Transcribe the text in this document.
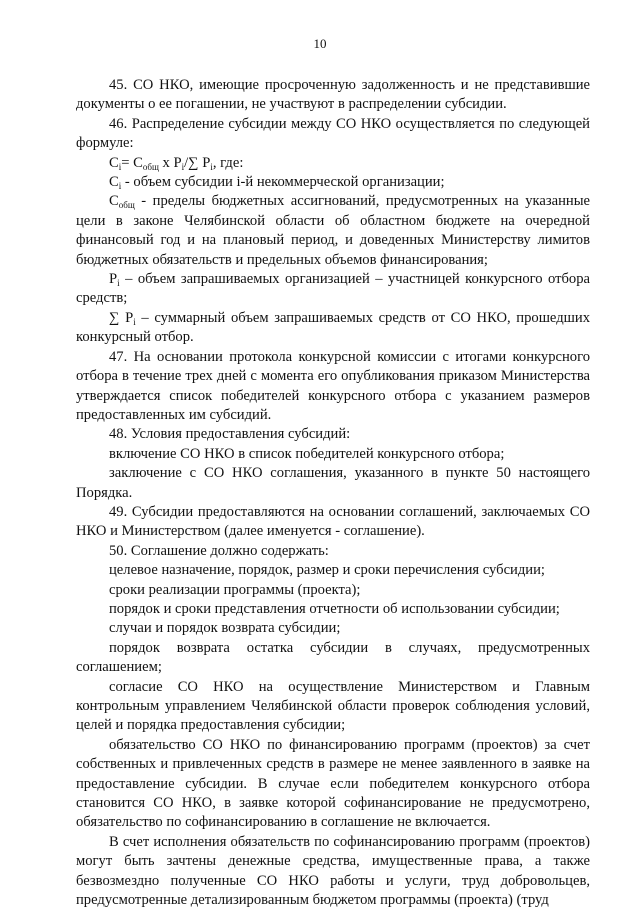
10

45. СО НКО, имеющие просроченную задолженность и не представившие документы о ее погашении, не участвуют в распределении субсидии.

46. Распределение субсидии между СО НКО осуществляется по следующей формуле:

$C_i= C_{общ}$ x $P_i/\sum$ $P_i$, где:

$C_i$ - объем субсидии i-й некоммерческой организации;

$C_{общ}$ - пределы бюджетных ассигнований, предусмотренных на указанные цели в законе Челябинской области об областном бюджете на очередной финансовый год и на плановый период, и доведенных Министерству лимитов бюджетных обязательств и предельных объемов финансирования;

$P_i$ – объем запрашиваемых организацией – участницей конкурсного отбора средств;

∑ $P_i$ – суммарный объем запрашиваемых средств от СО НКО, прошедших конкурсный отбор.

47. На основании протокола конкурсной комиссии с итогами конкурсного отбора в течение трех дней с момента его опубликования приказом Министерства утверждается список победителей конкурсного отбора с указанием размеров предоставленных им субсидий.

48. Условия предоставления субсидий:

включение СО НКО в список победителей конкурсного отбора;

заключение с СО НКО соглашения, указанного в пункте 50 настоящего Порядка.

49. Субсидии предоставляются на основании соглашений, заключаемых СО НКО и Министерством (далее именуется - соглашение).

50. Соглашение должно содержать:

целевое назначение, порядок, размер и сроки перечисления субсидии;

сроки реализации программы (проекта);

порядок и сроки представления отчетности об использовании субсидии;

случаи и порядок возврата субсидии;

порядок возврата остатка субсидии в случаях, предусмотренных соглашением;

согласие СО НКО на осуществление Министерством и Главным контрольным управлением Челябинской области проверок соблюдения условий, целей и порядка предоставления субсидии;

обязательство СО НКО по финансированию программ (проектов) за счет собственных и привлеченных средств в размере не менее заявленного в заявке на предоставление субсидии. В случае если победителем конкурсного отбора становится СО НКО, в заявке которой софинансирование не предусмотрено, обязательство по софинансированию в соглашение не включается.

В счет исполнения обязательств по софинансированию программ (проектов) могут быть зачтены денежные средства, имущественные права, а также безвозмездно полученные СО НКО работы и услуги, труд добровольцев, предусмотренные детализированным бюджетом программы (проекта) (труд
